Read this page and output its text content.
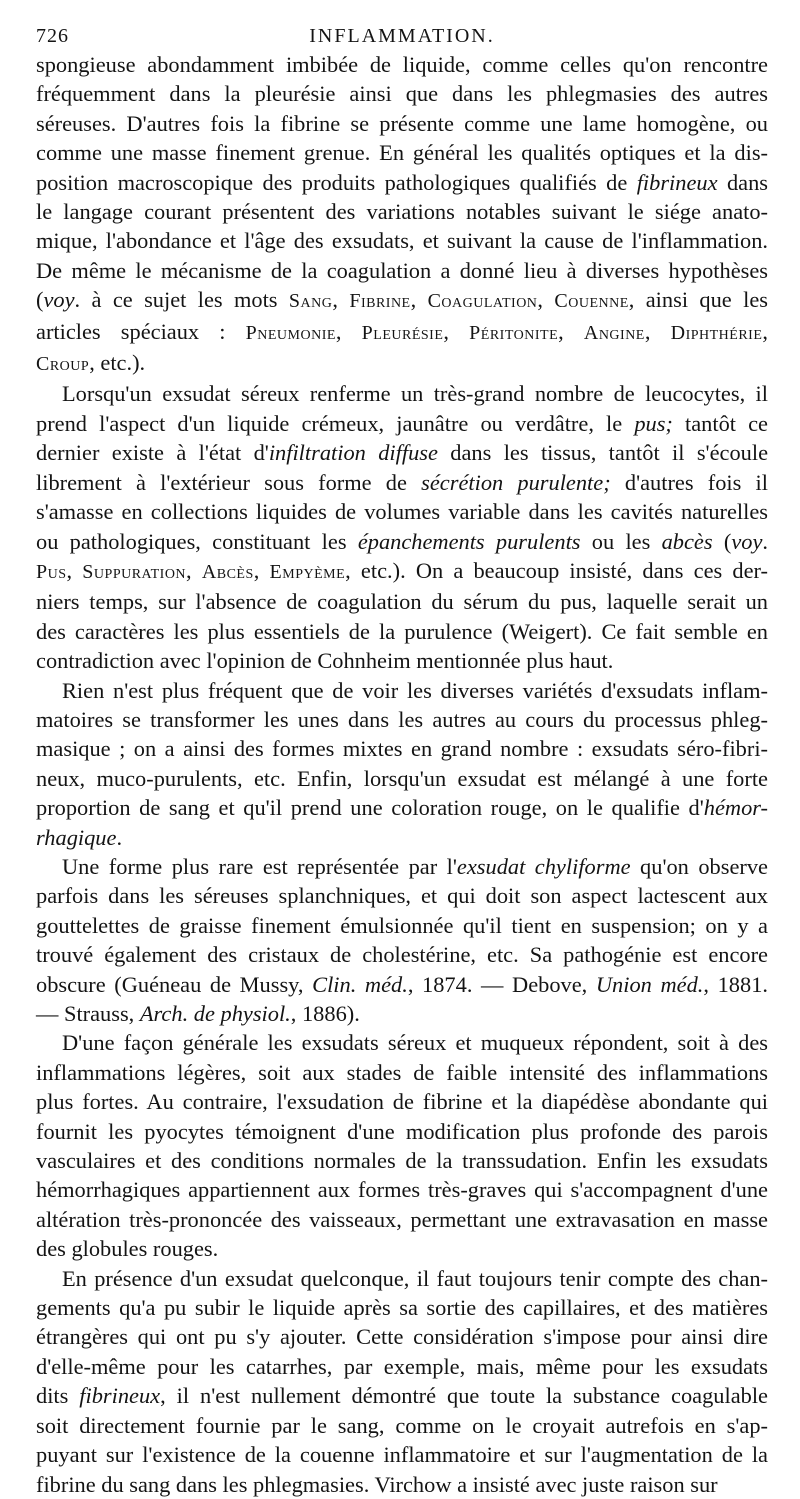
726	INFLAMMATION.
spongieuse abondamment imbibée de liquide, comme celles qu'on rencontre
fréquemment dans la pleurésie ainsi que dans les phlegmasies des autres
séreuses. D'autres fois la fibrine se présente comme une lame homogène, ou
comme une masse finement grenue. En général les qualités optiques et la dis-
position macroscopique des produits pathologiques qualifiés de fibrineux dans
le langage courant présentent des variations notables suivant le siége anato-
mique, l'abondance et l'âge des exsudats, et suivant la cause de l'inflammation.
De même le mécanisme de la coagulation a donné lieu à diverses hypothèses
(voy. à ce sujet les mots Sang, Fibrine, Coagulation, Couenne, ainsi que les
articles spéciaux : Pneumonie, Pleurésie, Péritonite, Angine, Diphthérie,
Croup, etc.).
Lorsqu'un exsudat séreux renferme un très-grand nombre de leucocytes, il
prend l'aspect d'un liquide crémeux, jaunâtre ou verdâtre, le pus; tantôt ce
dernier existe à l'état d'infiltration diffuse dans les tissus, tantôt il s'écoule
librement à l'extérieur sous forme de sécrétion purulente; d'autres fois il
s'amasse en collections liquides de volumes variable dans les cavités naturelles
ou pathologiques, constituant les épanchements purulents ou les abcès (voy.
Pus, Suppuration, Abcès, Empyème, etc.). On a beaucoup insisté, dans ces der-
niers temps, sur l'absence de coagulation du sérum du pus, laquelle serait un
des caractères les plus essentiels de la purulence (Weigert). Ce fait semble en
contradiction avec l'opinion de Cohnheim mentionnée plus haut.
Rien n'est plus fréquent que de voir les diverses variétés d'exsudats inflam-
matoires se transformer les unes dans les autres au cours du processus phleg-
masique ; on a ainsi des formes mixtes en grand nombre : exsudats séro-fibri-
neux, muco-purulents, etc. Enfin, lorsqu'un exsudat est mélangé à une forte
proportion de sang et qu'il prend une coloration rouge, on le qualifie d'hémor-
rhagique.
Une forme plus rare est représentée par l'exsudat chyliforme qu'on observe
parfois dans les séreuses splanchniques, et qui doit son aspect lactescent aux
gouttelettes de graisse finement émulsionnée qu'il tient en suspension; on y a
trouvé également des cristaux de cholestérine, etc. Sa pathogénie est encore
obscure (Guéneau de Mussy, Clin. méd., 1874. — Debove, Union méd., 1881.
— Strauss, Arch. de physiol., 1886).
D'une façon générale les exsudats séreux et muqueux répondent, soit à des
inflammations légères, soit aux stades de faible intensité des inflammations
plus fortes. Au contraire, l'exsudation de fibrine et la diapédèse abondante qui
fournit les pyocytes témoignent d'une modification plus profonde des parois
vasculaires et des conditions normales de la transsudation. Enfin les exsudats
hémorrhagiques appartiennent aux formes très-graves qui s'accompagnent d'une
altération très-prononcée des vaisseaux, permettant une extravasation en masse
des globules rouges.
En présence d'un exsudat quelconque, il faut toujours tenir compte des chan-
gements qu'a pu subir le liquide après sa sortie des capillaires, et des matières
étrangères qui ont pu s'y ajouter. Cette considération s'impose pour ainsi dire
d'elle-même pour les catarrhes, par exemple, mais, même pour les exsudats
dits fibrineux, il n'est nullement démontré que toute la substance coagulable
soit directement fournie par le sang, comme on le croyait autrefois en s'ap-
puyant sur l'existence de la couenne inflammatoire et sur l'augmentation de la
fibrine du sang dans les phlegmasies. Virchow a insisté avec juste raison sur
